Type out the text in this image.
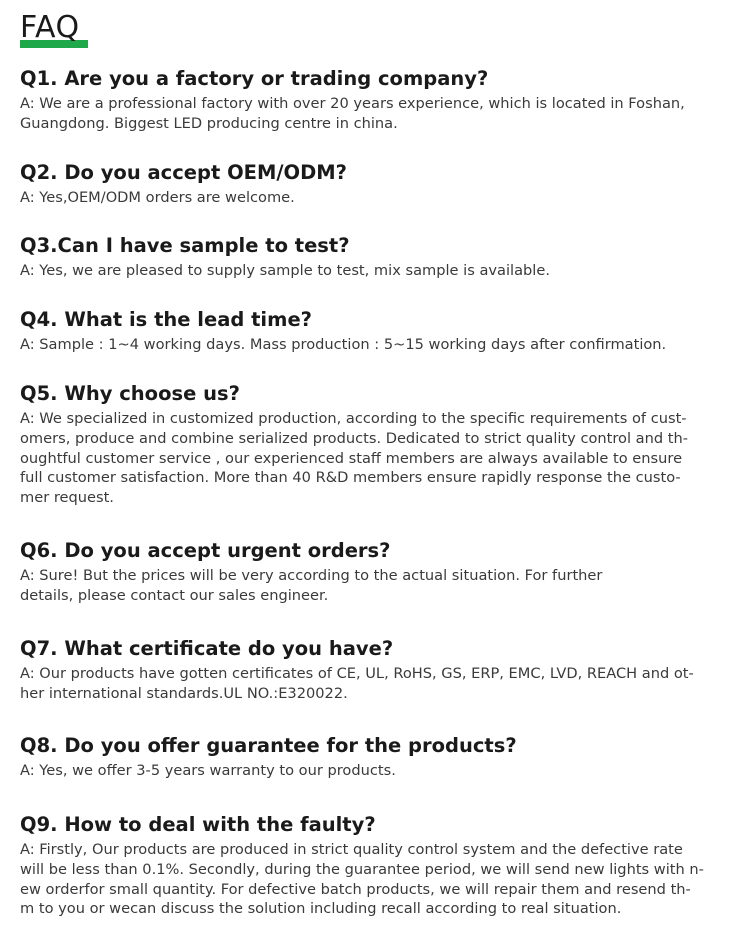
FAQ
Q1. Are you a factory or trading company?
A: We are a professional factory with over 20 years experience, which is located in Foshan,
Guangdong. Biggest LED producing centre in china.
Q2. Do you accept OEM/ODM?
A: Yes,OEM/ODM orders are welcome.
Q3.Can I have sample to test?
A: Yes, we are pleased to supply sample to test, mix sample is available.
Q4. What is the lead time?
A: Sample : 1~4 working days. Mass production : 5~15 working days after confirmation.
Q5. Why choose us?
A: We specialized in customized production, according to the specific requirements of cust-
omers, produce and combine serialized products. Dedicated to strict quality control and th-
oughtful customer service , our experienced staff members are always available to ensure
full customer satisfaction. More than 40 R&D members ensure rapidly response the custo-
mer request.
Q6. Do you accept urgent orders?
A: Sure! But the prices will be very according to the actual situation. For further
details, please contact our sales engineer.
Q7. What certificate do you have?
A: Our products have gotten certificates of CE, UL, RoHS, GS, ERP, EMC, LVD, REACH and ot-
her international standards.UL NO.:E320022.
Q8. Do you offer guarantee for the products?
A: Yes, we offer 3-5 years warranty to our products.
Q9. How to deal with the faulty?
A: Firstly, Our products are produced in strict quality control system and the defective rate
will be less than 0.1%. Secondly, during the guarantee period, we will send new lights with n-
ew orderfor small quantity. For defective batch products, we will repair them and resend th-
m to you or wecan discuss the solution including recall according to real situation.
